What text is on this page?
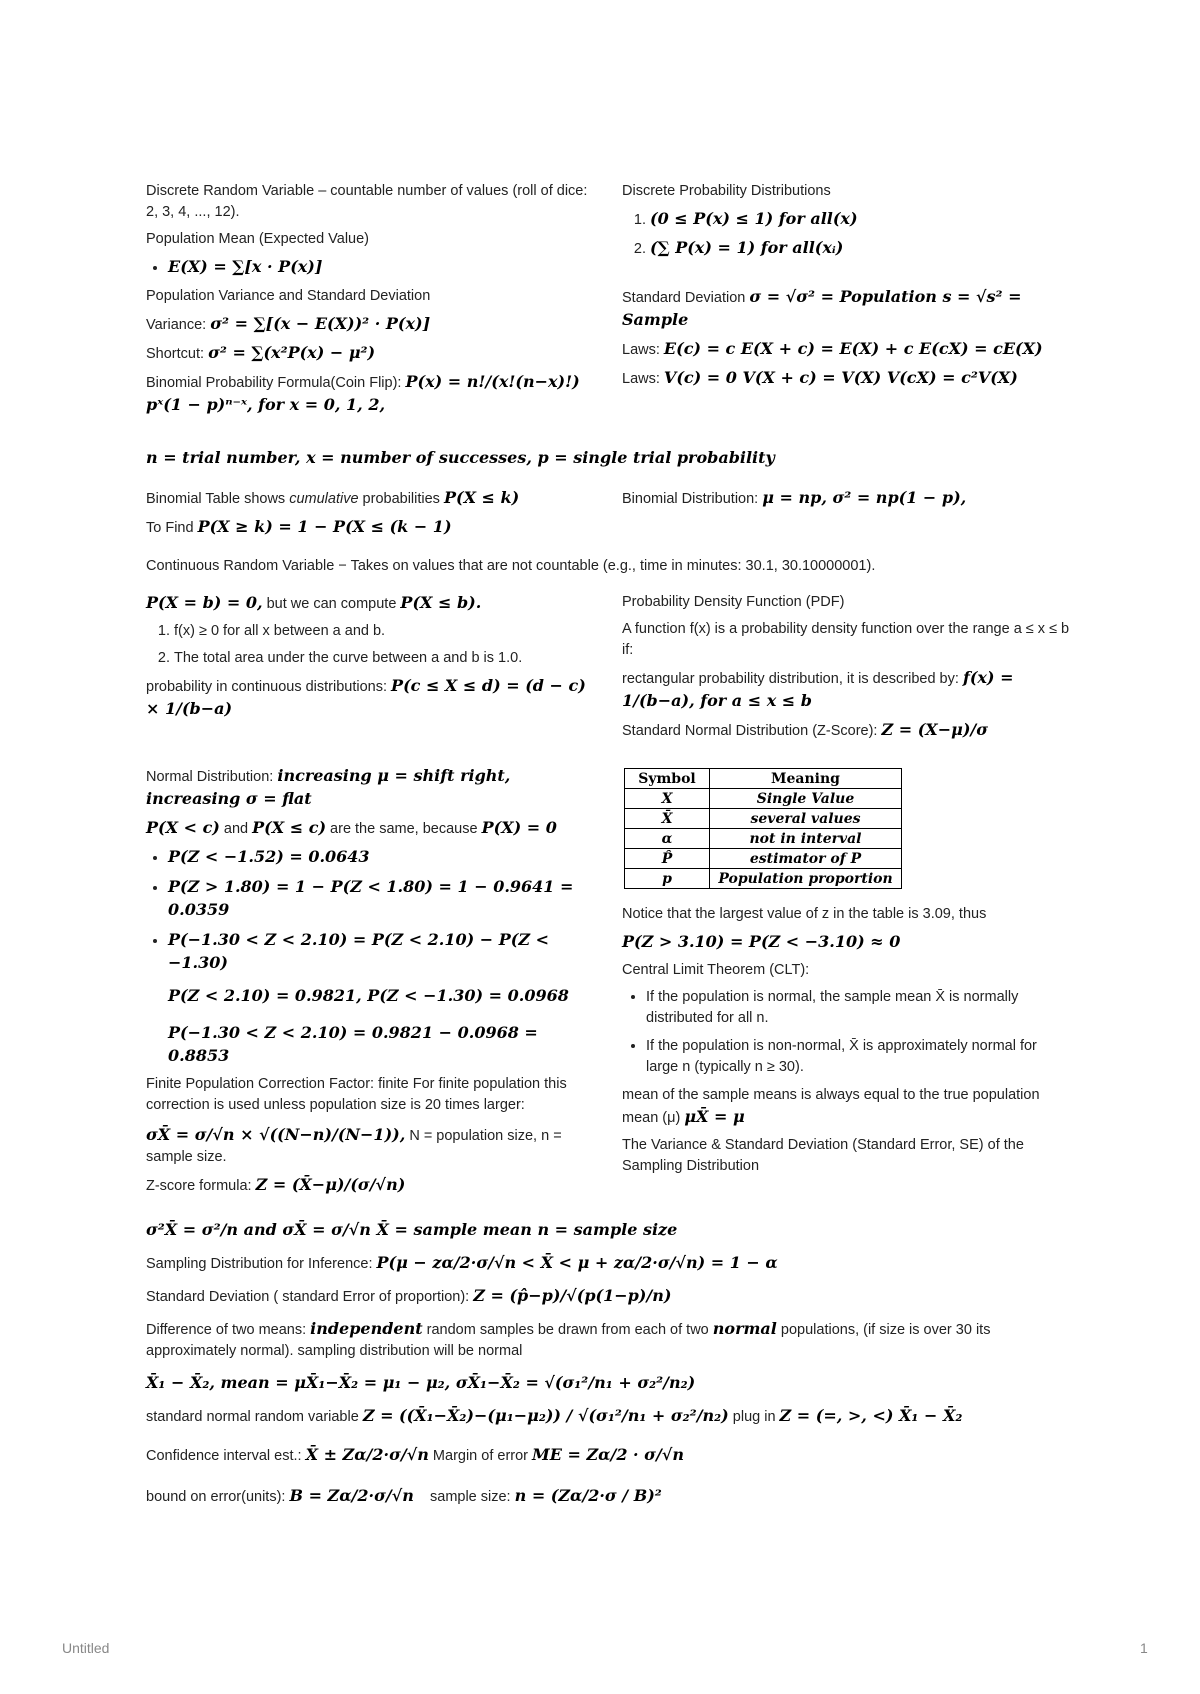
Discrete Random Variable – countable number of values (roll of dice: 2, 3, 4, ..., 12).

Population Mean (Expected Value)

• E(X) = ∑[x · P(x)]

Population Variance and Standard Deviation

Variance: σ² = ∑[(x − E(X))² · P(x)]

Shortcut: σ² = ∑(x²P(x) − μ²)

Binomial Probability Formula(Coin Flip): P(x) = n!/(x!(n−x)!) pˣ(1 − p)ⁿ⁻ˣ, for x = 0, 1, 2,

Discrete Probability Distributions

1. (0 ≤ P(x) ≤ 1) for all(x)
2. (∑ P(x) = 1) for all(xᵢ)

Standard Deviation σ = √σ² = Population s = √s² = Sample

Laws: E(c) = c E(X + c) = E(X) + c E(cX) = cE(X)

Laws: V(c) = 0 V(X + c) = V(X) V(cX) = c²V(X)

n = trial number, x = number of successes, p = single trial probability

Binomial Table shows cumulative probabilities P(X ≤ k)

To Find P(X ≥ k) = 1 − P(X ≤ (k − 1)

Binomial Distribution: μ = np, σ² = np(1 − p),
Continuous Random Variable − Takes on values that are not countable (e.g., time in minutes: 30.1, 30.10000001).

P(X = b) = 0, but we can compute P(X ≤ b).

1. f(x) ≥ 0 for all x between a and b.
2. The total area under the curve between a and b is 1.0.

probability in continuous distributions: P(c ≤ X ≤ d) = (d − c) × 1/(b−a)

Probability Density Function (PDF)

A function f(x) is a probability density function over the range a ≤ x ≤ b if:

rectangular probability distribution, it is described by: f(x) = 1/(b−a), for a ≤ x ≤ b

Standard Normal Distribution (Z-Score): Z = (X−μ)/σ

Normal Distribution: increasing μ = shift right, increasing σ = flat

P(X < c) and P(X ≤ c) are the same, because P(X) = 0

• P(Z < −1.52) = 0.0643
• P(Z > 1.80) = 1 − P(Z < 1.80) = 1 − 0.9641 = 0.0359
• P(−1.30 < Z < 2.10) = P(Z < 2.10) − P(Z < −1.30)

P(Z < 2.10) = 0.9821, P(Z < −1.30) = 0.0968

P(−1.30 < Z < 2.10) = 0.9821 − 0.0968 = 0.8853

Finite Population Correction Factor: finite For finite population this correction is used unless population size is 20 times larger:

σX̄ = σ/√n × √((N−n)/(N−1)), N = population size, n = sample size.

Z-score formula: Z = (X̄−μ)/(σ/√n)

Symbol	Meaning
X	Single Value
X̄	several values
α	not in interval
P̂	estimator of P
p	Population proportion

Notice that the largest value of z in the table is 3.09, thus

P(Z > 3.10) = P(Z < −3.10) ≈ 0

Central Limit Theorem (CLT):

• If the population is normal, the sample mean X̄ is normally distributed for all n.
• If the population is non-normal, X̄ is approximately normal for large n (typically n ≥ 30).

mean of the sample means is always equal to the true population mean (μ) μX̄ = μ

The Variance & Standard Deviation (Standard Error, SE) of the Sampling Distribution

σ²X̄ = σ²/n and σX̄ = σ/√n X̄ = sample mean n = sample size

Sampling Distribution for Inference: P(μ − zα/2·σ/√n < X̄ < μ + zα/2·σ/√n) = 1 − α

Standard Deviation ( standard Error of proportion): Z = (p̂−p)/√(p(1−p)/n)

Difference of two means: independent random samples be drawn from each of two normal populations, (if size is over 30 its approximately normal). sampling distribution will be normal

X̄₁ − X̄₂, mean = μX̄₁−X̄₂ = μ₁ − μ₂, σX̄₁−X̄₂ = √(σ₁²/n₁ + σ₂²/n₂)

standard normal random variable Z = ((X̄₁−X̄₂)−(μ₁−μ₂)) / √(σ₁²/n₁ + σ₂²/n₂) plug in Z = (=, >, <) X̄₁ − X̄₂

Confidence interval est.: X̄ ± Zα/2·σ/√n Margin of error ME = Zα/2 · σ/√n

bound on error(units): B = Zα/2·σ/√n sample size: n = (Zα/2·σ / B)²

Untitled	1
